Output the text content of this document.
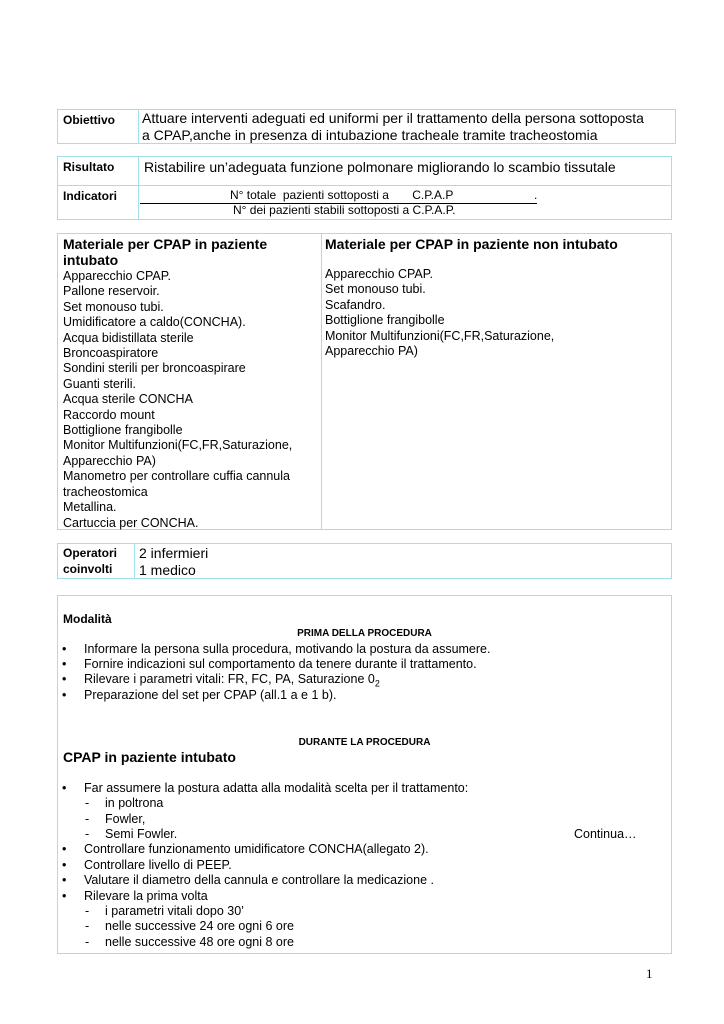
Obiettivo Attuare interventi adeguati ed uniformi per il trattamento della persona sottoposta
a CPAP,anche in presenza di intubazione tracheale tramite tracheostomia
Risultato Ristabilire un’adeguata funzione polmonare migliorando lo scambio tissutale
Indicatori	N° totale  pazienti sottoposti a       C.P.A.P	.
N° dei pazienti stabili sottoposti a C.P.A.P.
Materiale per CPAP in paziente
intubato
Apparecchio CPAP.
Pallone reservoir.
Set monouso tubi.
Umidificatore a caldo(CONCHA).
Acqua bidistillata sterile
Broncoaspiratore
Sondini sterili per broncoaspirare
Guanti sterili.
Acqua sterile CONCHA
Raccordo mount
Bottiglione frangibolle
Monitor Multifunzioni(FC,FR,Saturazione,
Apparecchio PA)
Manometro per controllare cuffia cannula
tracheostomica
Metallina.
Cartuccia per CONCHA.
Materiale per CPAP in paziente non intubato
Apparecchio CPAP.
Set monouso tubi.
Scafandro.
Bottiglione frangibolle
Monitor Multifunzioni(FC,FR,Saturazione,
Apparecchio PA)
Operatori
coinvolti
2 infermieri
1 medico
Modalità
PRIMA DELLA PROCEDURA
• Informare la persona sulla procedura, motivando la postura da assumere.
• Fornire indicazioni sul comportamento da tenere durante il trattamento.
• Rilevare i parametri vitali: FR, FC, PA, Saturazione $0_2$
• Preparazione del set per CPAP (all.1 a e 1 b).
DURANTE LA PROCEDURA
CPAP in paziente intubato
• Far assumere la postura adatta alla modalità scelta per il trattamento:
- in poltrona
- Fowler,
- Semi Fowler.	Continua…
• Controllare funzionamento umidificatore CONCHA(allegato 2).
• Controllare livello di PEEP.
• Valutare il diametro della cannula e controllare la medicazione .
• Rilevare la prima volta
- i parametri vitali dopo 30’
- nelle successive 24 ore ogni 6 ore
- nelle successive 48 ore ogni 8 ore
1
